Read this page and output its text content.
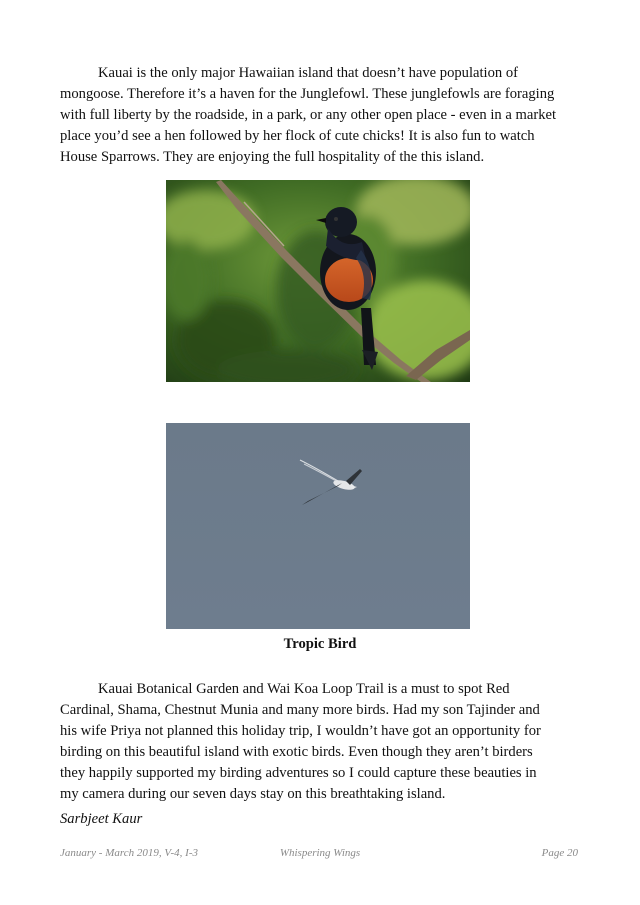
Kauai is the only major Hawaiian island that doesn’t have population of
mongoose. Therefore it’s a haven for the Junglefowl. These junglefowls are foraging
with full liberty by the roadside, in a park, or any other open place - even in a market
place you’d see a hen followed by her flock of cute chicks! It is also fun to watch
House Sparrows. They are enjoying the full hospitality of the this island.
Tropic Bird
Kauai Botanical Garden and Wai Koa Loop Trail is a must to spot Red
Cardinal, Shama, Chestnut Munia and many more birds. Had my son Tajinder and
his wife Priya not planned this holiday trip, I wouldn’t have got an opportunity for
birding on this beautiful island with exotic birds. Even though they aren’t birders
they happily supported my birding adventures so I could capture these beauties in
my camera during our seven days stay on this breathtaking island.
Sarbjeet Kaur
January - March 2019, V-4, I-3	Whispering Wings	Page 20
